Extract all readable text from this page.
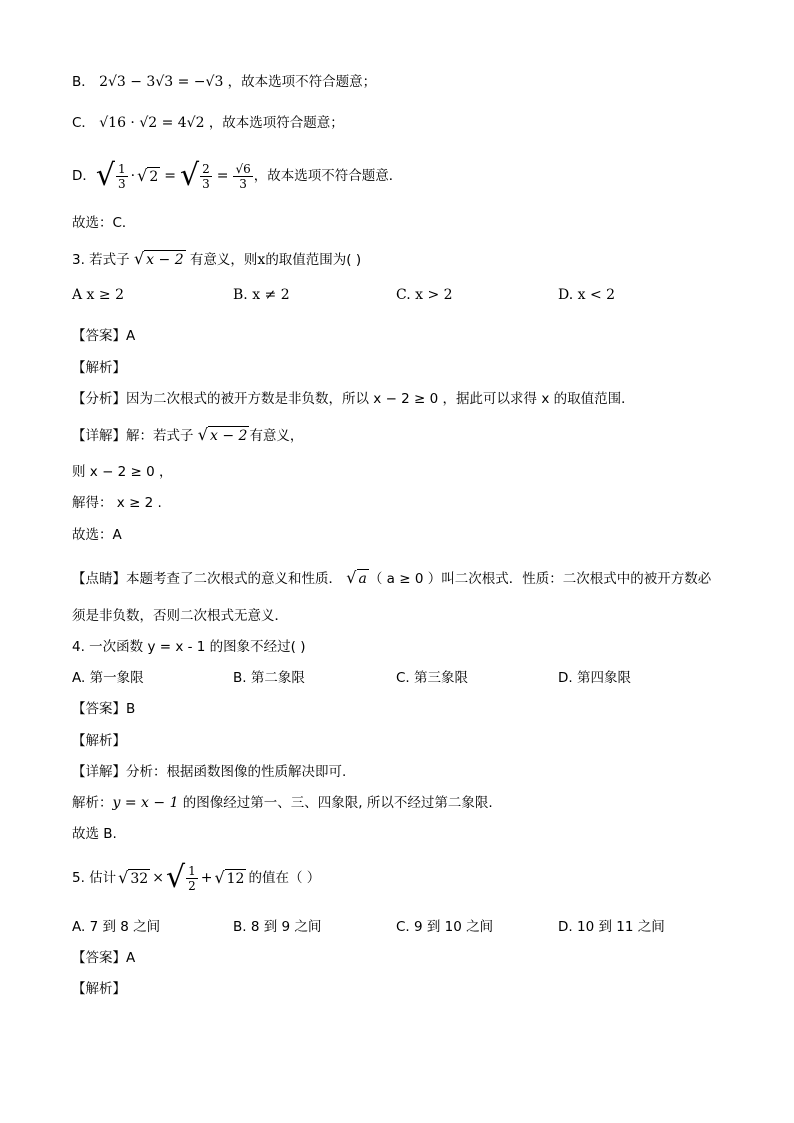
B． 2√3 − 3√3 = −√3 ，故本选项不符合题意；
C． √16 · √2 = 4√2 ，故本选项符合题意；
D． √ $\frac{1}{3}$ · √ 2 = √ $\frac{2}{3} = \frac{√6}{3}$ ，故本选项不符合题意．
故选：C．
3. 若式子 √ x − 2 有意义，则x的取值范围为( )
A x ≥ 2	B. x ≠ 2	C. x > 2	D. x < 2
【答案】A
【解析】
【分析】因为二次根式的被开方数是非负数，所以 x − 2 ≥ 0 ，据此可以求得 x 的取值范围．
【详解】解：若式子 √ x − 2 有意义，
则 x − 2 ≥ 0 ，
解得： x ≥ 2 .
故选：A
【点睛】本题考查了二次根式的意义和性质． √ a （ a ≥ 0 ）叫二次根式．性质：二次根式中的被开方数必
须是非负数，否则二次根式无意义．
4. 一次函数 y = x - 1 的图象不经过( )
A. 第一象限	B. 第二象限	C. 第三象限	D. 第四象限
【答案】B
【解析】
【详解】分析：根据函数图像的性质解决即可.
解析：y = x − 1 的图像经过第一、三、四象限, 所以不经过第二象限.
故选 B.
5. 估计 √ 32 × √ $\frac{1}{2}$ + √ 12 的值在（ ）
A. 7 到 8 之间	B. 8 到 9 之间	C. 9 到 10 之间	D. 10 到 11 之间
【答案】A
【解析】
